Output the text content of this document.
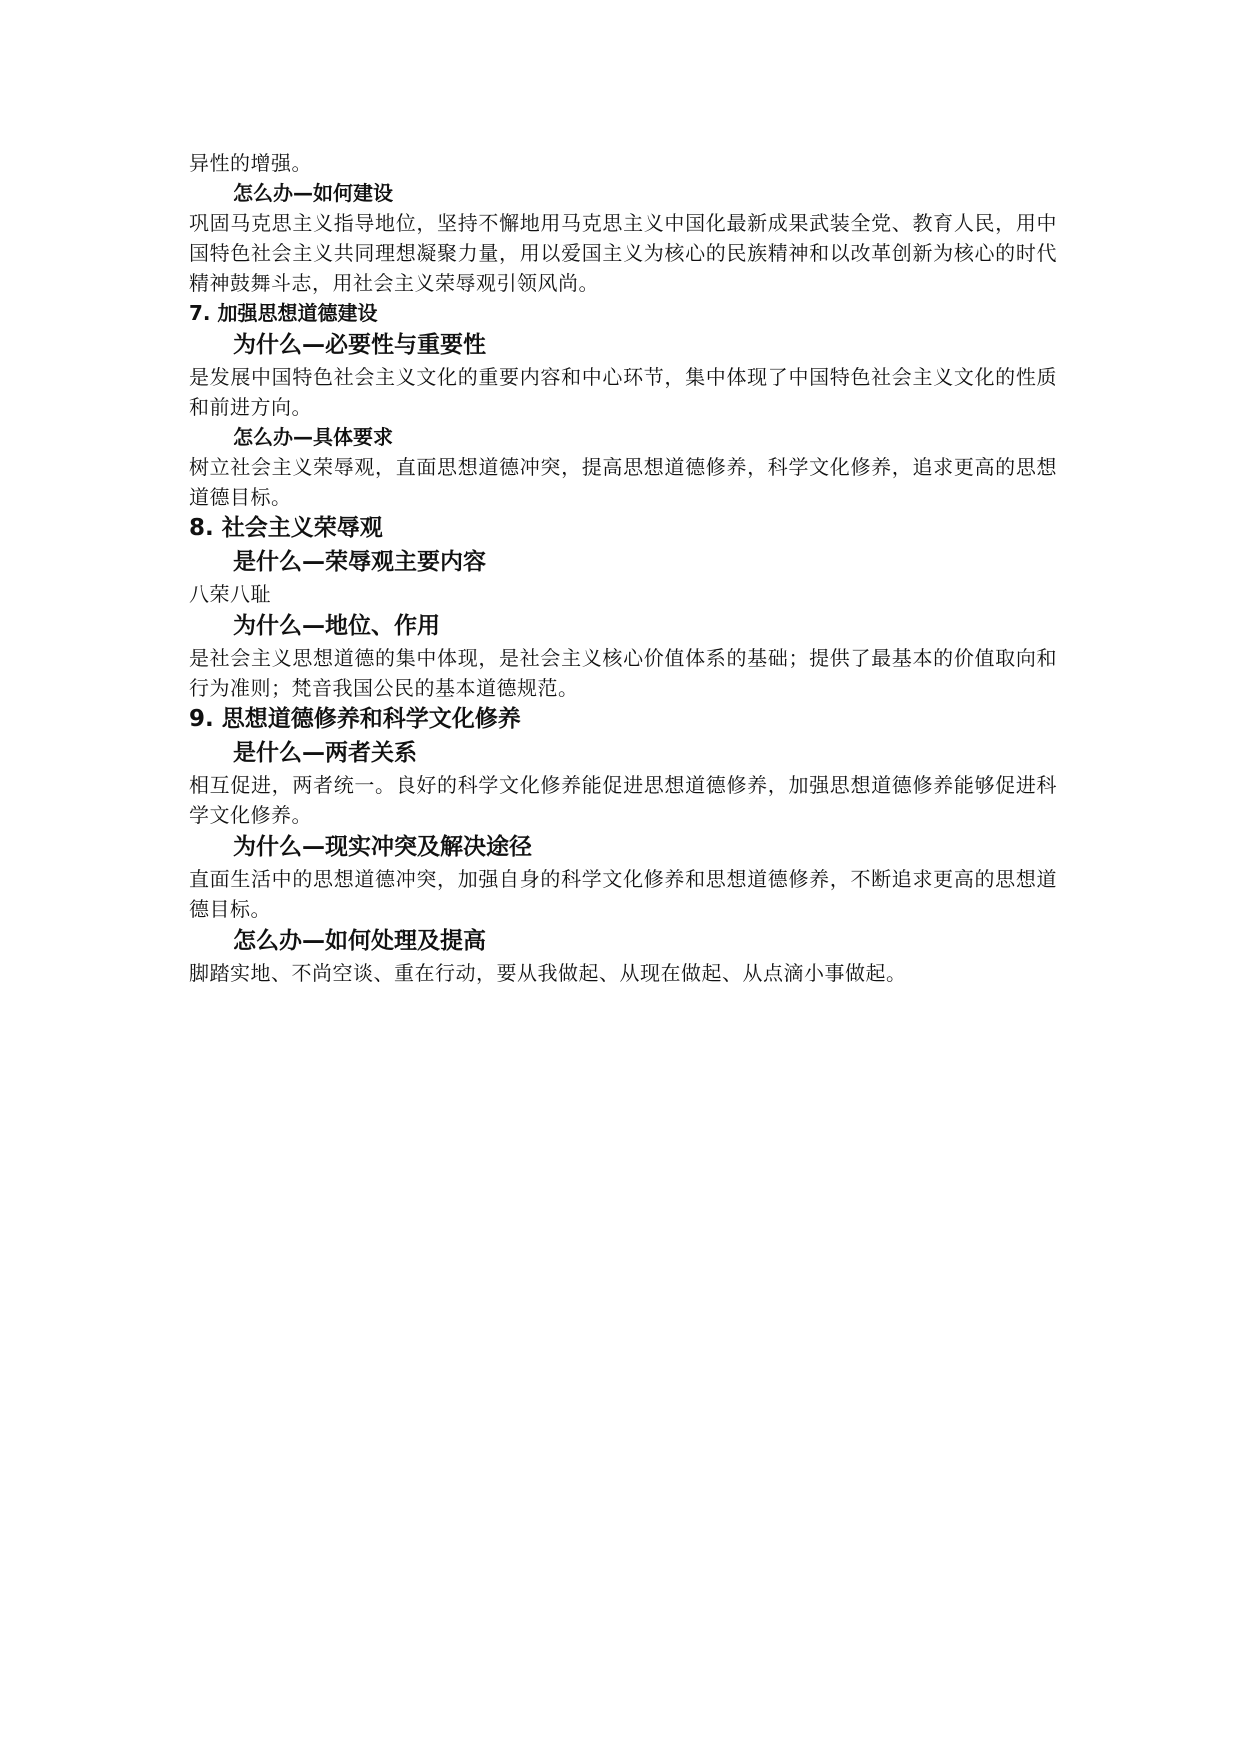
异性的增强。

怎么办—如何建设

巩固马克思主义指导地位，坚持不懈地用马克思主义中国化最新成果武装全党、教育人民，用中国特色社会主义共同理想凝聚力量，用以爱国主义为核心的民族精神和以改革创新为核心的时代精神鼓舞斗志，用社会主义荣辱观引领风尚。

7. 加强思想道德建设
为什么—必要性与重要性

是发展中国特色社会主义文化的重要内容和中心环节，集中体现了中国特色社会主义文化的性质和前进方向。

怎么办—具体要求

树立社会主义荣辱观，直面思想道德冲突，提高思想道德修养，科学文化修养，追求更高的思想道德目标。

8. 社会主义荣辱观
是什么—荣辱观主要内容

八荣八耻

为什么—地位、作用

是社会主义思想道德的集中体现，是社会主义核心价值体系的基础；提供了最基本的价值取向和行为准则；梵音我国公民的基本道德规范。

9. 思想道德修养和科学文化修养
是什么—两者关系

相互促进，两者统一。良好的科学文化修养能促进思想道德修养，加强思想道德修养能够促进科学文化修养。

为什么—现实冲突及解决途径

直面生活中的思想道德冲突，加强自身的科学文化修养和思想道德修养，不断追求更高的思想道德目标。

怎么办—如何处理及提高

脚踏实地、不尚空谈、重在行动，要从我做起、从现在做起、从点滴小事做起。
